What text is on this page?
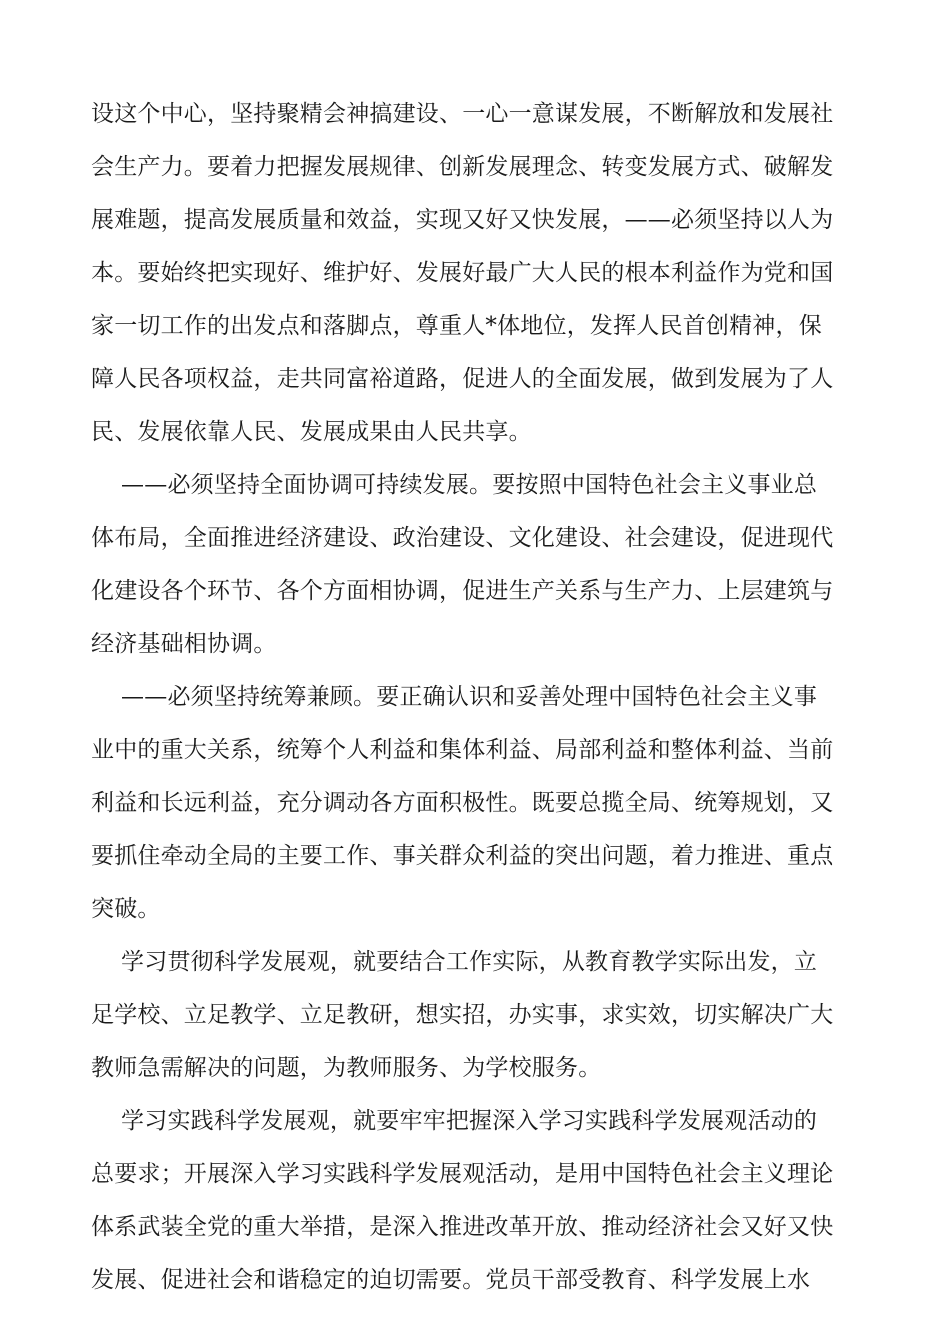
设这个中心，坚持聚精会神搞建设、一心一意谋发展，不断解放和发展社
会生产力。要着力把握发展规律、创新发展理念、转变发展方式、破解发
展难题，提高发展质量和效益，实现又好又快发展，——必须坚持以人为
本。要始终把实现好、维护好、发展好最广大人民的根本利益作为党和国
家一切工作的出发点和落脚点，尊重人*体地位，发挥人民首创精神，保
障人民各项权益，走共同富裕道路，促进人的全面发展，做到发展为了人
民、发展依靠人民、发展成果由人民共享。
——必须坚持全面协调可持续发展。要按照中国特色社会主义事业总
体布局，全面推进经济建设、政治建设、文化建设、社会建设，促进现代
化建设各个环节、各个方面相协调，促进生产关系与生产力、上层建筑与
经济基础相协调。
——必须坚持统筹兼顾。要正确认识和妥善处理中国特色社会主义事
业中的重大关系，统筹个人利益和集体利益、局部利益和整体利益、当前
利益和长远利益，充分调动各方面积极性。既要总揽全局、统筹规划，又
要抓住牵动全局的主要工作、事关群众利益的突出问题，着力推进、重点
突破。
学习贯彻科学发展观，就要结合工作实际，从教育教学实际出发，立
足学校、立足教学、立足教研，想实招，办实事，求实效，切实解决广大
教师急需解决的问题，为教师服务、为学校服务。
学习实践科学发展观，就要牢牢把握深入学习实践科学发展观活动的
总要求；开展深入学习实践科学发展观活动，是用中国特色社会主义理论
体系武装全党的重大举措，是深入推进改革开放、推动经济社会又好又快
发展、促进社会和谐稳定的迫切需要。党员干部受教育、科学发展上水
